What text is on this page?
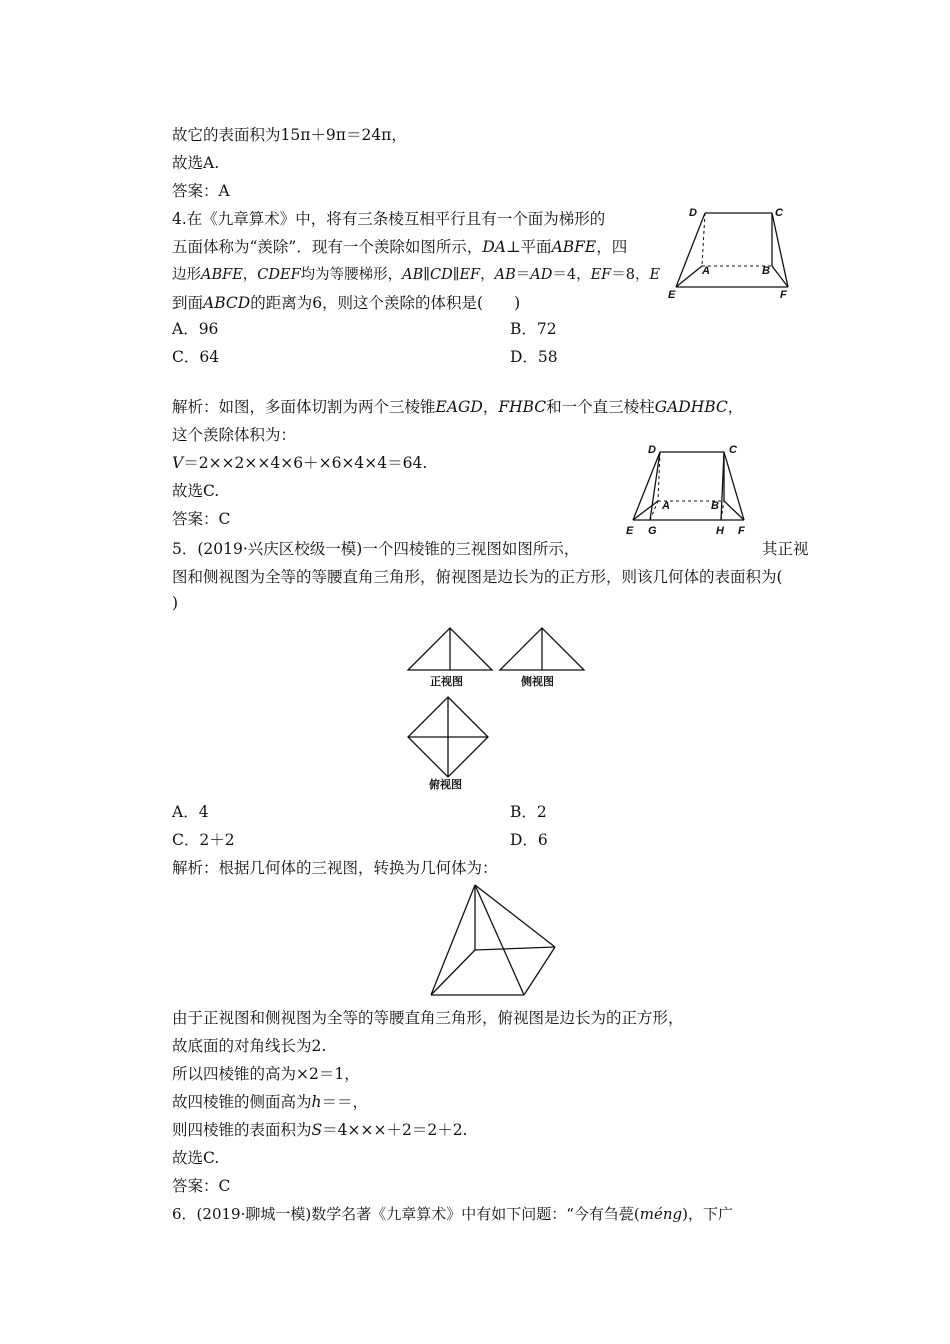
故它的表面积为15π＋9π＝24π，
故选A.
答案：A
4.在《九章算术》中，将有三条棱互相平行且有一个面为梯形的
五面体称为“羡除”．现有一个羡除如图所示，DA⊥平面ABFE，四
边形ABFE，CDEF均为等腰梯形，AB∥CD∥EF，AB＝AD＝4，EF＝8，E
到面ABCD的距离为6，则这个羡除的体积是(　　)
A．96	B．72
C．64	D．58
D	C
A	B
E	F
解析：如图，多面体切割为两个三棱锥EAGD，FHBC和一个直三棱柱GADHBC，
这个羡除体积为：
V＝2××2××4×6＋×6×4×4＝64.
故选C.
答案：C
D	C
A	B
E G	H F
5．(2019·兴庆区校级一模)一个四棱锥的三视图如图所示，	其正视
图和侧视图为全等的等腰直角三角形，俯视图是边长为的正方形，则该几何体的表面积为(
)
正视图	侧视图
俯视图
A．4	B．2
C．2＋2	D．6
解析：根据几何体的三视图，转换为几何体为：
由于正视图和侧视图为全等的等腰直角三角形，俯视图是边长为的正方形，
故底面的对角线长为2.
所以四棱锥的高为×2＝1，
故四棱锥的侧面高为h＝＝，
则四棱锥的表面积为S＝4×××＋2＝2＋2.
故选C.
答案：C
6．(2019·聊城一模)数学名著《九章算术》中有如下问题：“今有刍甍(méng)，下广
